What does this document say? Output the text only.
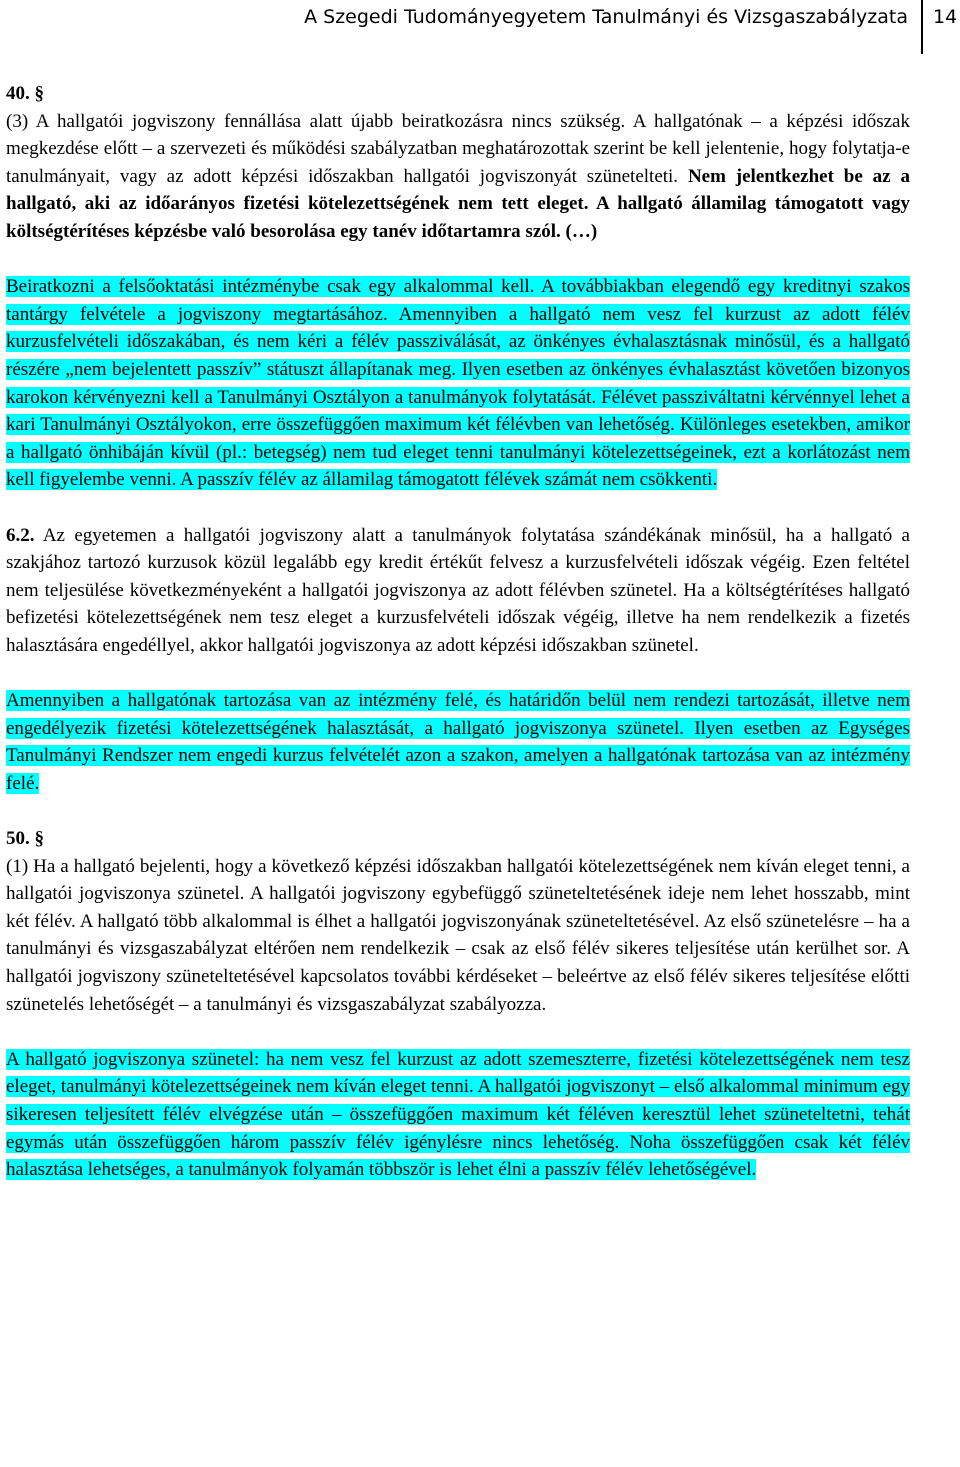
A Szegedi Tudományegyetem Tanulmányi és Vizsgaszabályzata 14

40. §

(3) A hallgatói jogviszony fennállása alatt újabb beiratkozásra nincs szükség. A hallgatónak – a képzési időszak megkezdése előtt – a szervezeti és működési szabályzatban meghatározottak szerint be kell jelentenie, hogy folytatja-e tanulmányait, vagy az adott képzési időszakban hallgatói jogviszonyát szünetelteti. Nem jelentkezhet be az a hallgató, aki az időarányos fizetési kötelezettségének nem tett eleget. A hallgató államilag támogatott vagy költségtérítéses képzésbe való besorolása egy tanév időtartamra szól. (…)

Beiratkozni a felsőoktatási intézménybe csak egy alkalommal kell. A továbbiakban elegendő egy kreditnyi szakos tantárgy felvétele a jogviszony megtartásához. Amennyiben a hallgató nem vesz fel kurzust az adott félév kurzusfelvételi időszakában, és nem kéri a félév passziválását, az önkényes évhalasztásnak minősül, és a hallgató részére „nem bejelentett passzív” státuszt állapítanak meg. Ilyen esetben az önkényes évhalasztást követően bizonyos karokon kérvényezni kell a Tanulmányi Osztályon a tanulmányok folytatását. Félévet passziváltatni kérvénnyel lehet a kari Tanulmányi Osztályokon, erre összefüggően maximum két félévben van lehetőség. Különleges esetekben, amikor a hallgató önhibáján kívül (pl.: betegség) nem tud eleget tenni tanulmányi kötelezettségeinek, ezt a korlátozást nem kell figyelembe venni. A passzív félév az államilag támogatott félévek számát nem csökkenti.

6.2. Az egyetemen a hallgatói jogviszony alatt a tanulmányok folytatása szándékának minősül, ha a hallgató a szakjához tartozó kurzusok közül legalább egy kredit értékűt felvesz a kurzusfelvételi időszak végéig. Ezen feltétel nem teljesülése következményeként a hallgatói jogviszonya az adott félévben szünetel. Ha a költségtérítéses hallgató befizetési kötelezettségének nem tesz eleget a kurzusfelvételi időszak végéig, illetve ha nem rendelkezik a fizetés halasztására engedéllyel, akkor hallgatói jogviszonya az adott képzési időszakban szünetel.

Amennyiben a hallgatónak tartozása van az intézmény felé, és határidőn belül nem rendezi tartozását, illetve nem engedélyezik fizetési kötelezettségének halasztását, a hallgató jogviszonya szünetel. Ilyen esetben az Egységes Tanulmányi Rendszer nem engedi kurzus felvételét azon a szakon, amelyen a hallgatónak tartozása van az intézmény felé.

50. §

(1) Ha a hallgató bejelenti, hogy a következő képzési időszakban hallgatói kötelezettségének nem kíván eleget tenni, a hallgatói jogviszonya szünetel. A hallgatói jogviszony egybefüggő szüneteltetésének ideje nem lehet hosszabb, mint két félév. A hallgató több alkalommal is élhet a hallgatói jogviszonyának szüneteltetésével. Az első szünetelésre – ha a tanulmányi és vizsgaszabályzat eltérően nem rendelkezik – csak az első félév sikeres teljesítése után kerülhet sor. A hallgatói jogviszony szüneteltetésével kapcsolatos további kérdéseket – beleértve az első félév sikeres teljesítése előtti szünetelés lehetőségét – a tanulmányi és vizsgaszabályzat szabályozza.

A hallgató jogviszonya szünetel: ha nem vesz fel kurzust az adott szemeszterre, fizetési kötelezettségének nem tesz eleget, tanulmányi kötelezettségeinek nem kíván eleget tenni. A hallgatói jogviszonyt – első alkalommal minimum egy sikeresen teljesített félév elvégzése után – összefüggően maximum két féléven keresztül lehet szüneteltetni, tehát egymás után összefüggően három passzív félév igénylésre nincs lehetőség. Noha összefüggően csak két félév halasztása lehetséges, a tanulmányok folyamán többször is lehet élni a passzív félév lehetőségével.
